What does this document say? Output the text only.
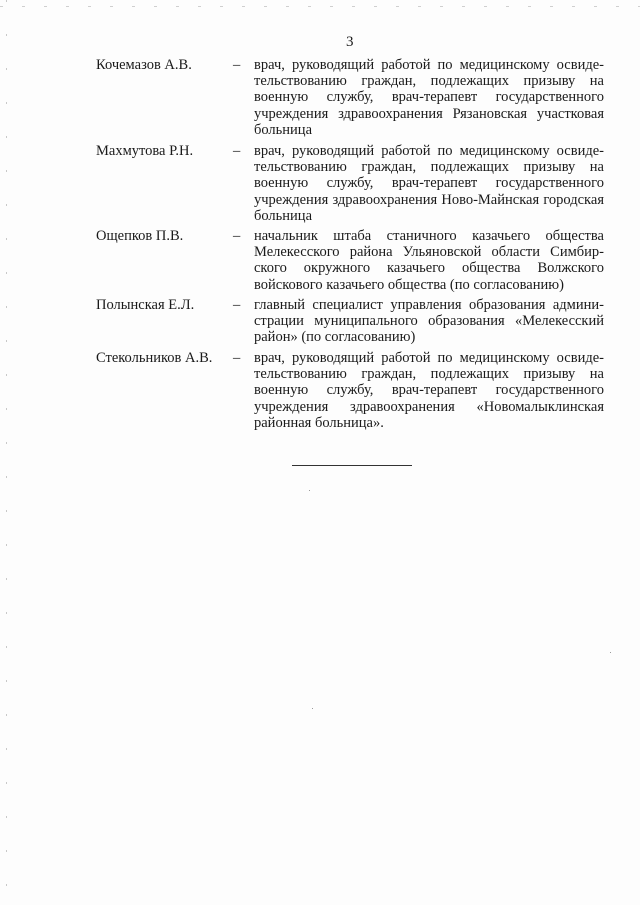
3
Кочемазов А.В.	– врач, руководящий работой по медицинскому освидетельствованию граждан, подлежащих призыву на военную службу, врач-терапевт государственного учреждения здравоохранения Рязановская участковая больница
Махмутова Р.Н.	– врач, руководящий работой по медицинскому освидетельствованию граждан, подлежащих призыву на военную службу, врач-терапевт государственного учреждения здравоохранения Ново-Майнская городская больница
Ощепков П.В.	– начальник штаба станичного казачьего общества Мелекесского района Ульяновской области Симбирского окружного казачьего общества Волжского войскового казачьего общества (по согласованию)
Полынская Е.Л.	– главный специалист управления образования администрации муниципального образования «Мелекесский район» (по согласованию)
Стекольников А.В. – врач, руководящий работой по медицинскому освидетельствованию граждан, подлежащих призыву на военную службу, врач-терапевт государственного учреждения здравоохранения «Новомалыклинская районная больница».
